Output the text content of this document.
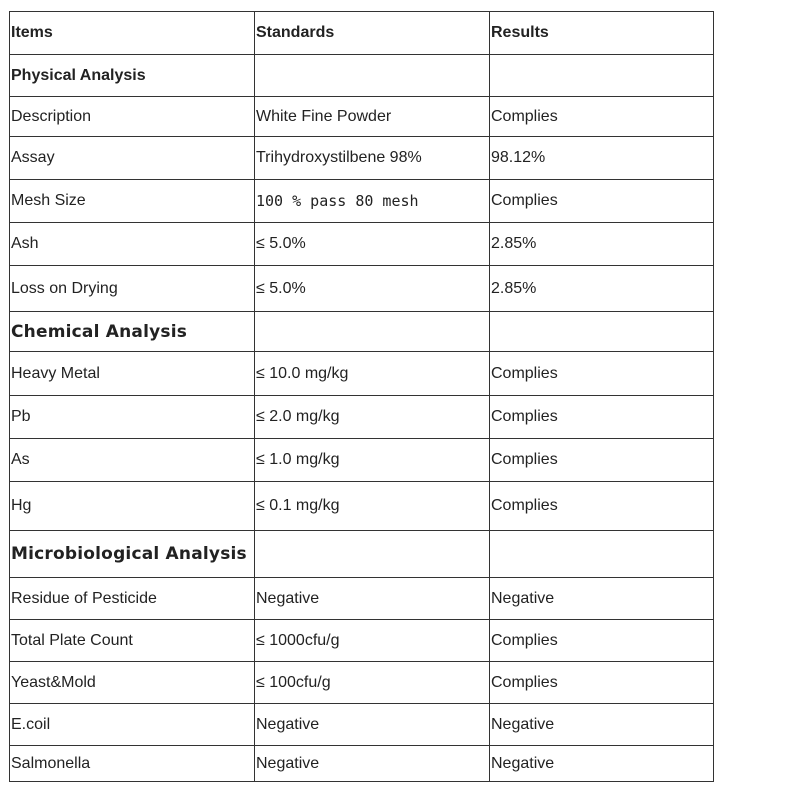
Items	Standards	Results
Physical Analysis		
Description	White Fine Powder	Complies
Assay	Trihydroxystilbene 98%	98.12%
Mesh Size	100 % pass 80 mesh	Complies
Ash	≤ 5.0%	2.85%
Loss on Drying	≤ 5.0%	2.85%
Chemical Analysis		
Heavy Metal	≤ 10.0 mg/kg	Complies
Pb	≤ 2.0 mg/kg	Complies
As	≤ 1.0 mg/kg	Complies
Hg	≤ 0.1 mg/kg	Complies
Microbiological Analysis		
Residue of Pesticide	Negative	Negative
Total Plate Count	≤ 1000cfu/g	Complies
Yeast&Mold	≤ 100cfu/g	Complies
E.coil	Negative	Negative
Salmonella	Negative	Negative
